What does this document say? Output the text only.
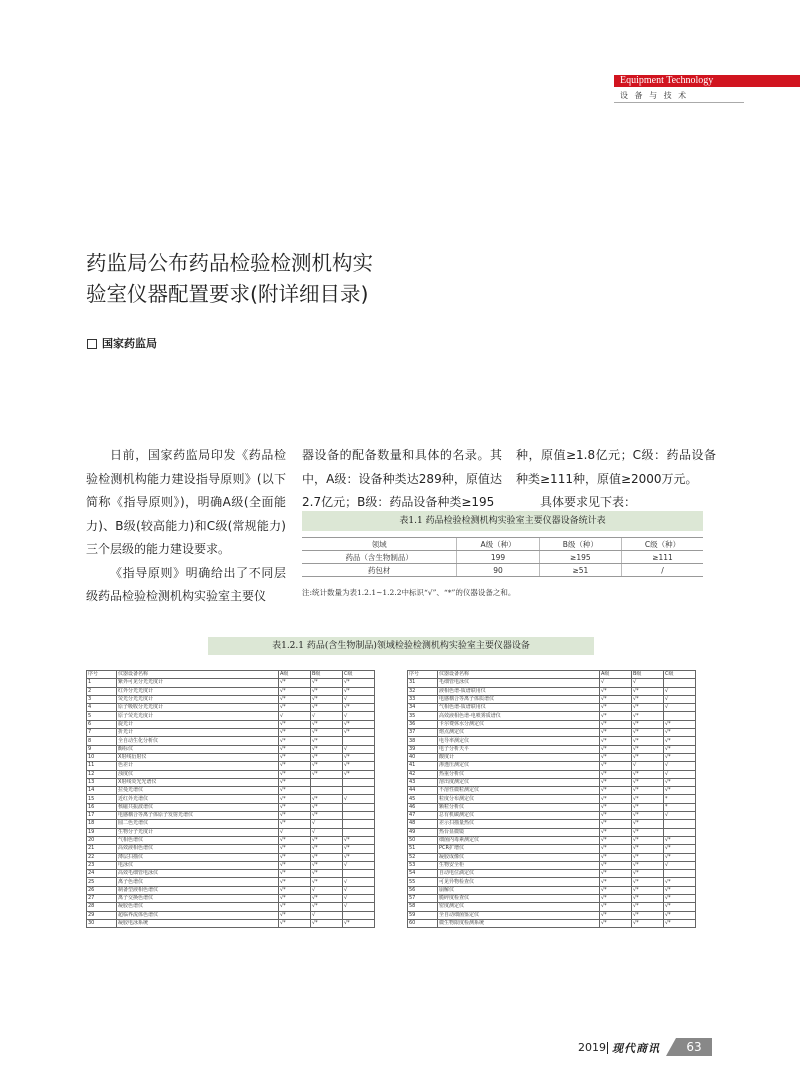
Equipment Technology
设 备 与 技 术
药监局公布药品检验检测机构实
验室仪器配置要求(附详细目录)
国家药监局

日前，国家药监局印发《药品检验检测机构能力建设指导原则》(以下简称《指导原则》)，明确A级(全面能力)、B级(较高能力)和C级(常规能力)三个层级的能力建设要求。

《指导原则》明确给出了不同层级药品检验检测机构实验室主要仪

器设备的配备数量和具体的名录。其中，A级：设备种类达289种，原值达2.7亿元；B级：药品设备种类≥195

种，原值≥1.8亿元；C级：药品设备种类≥111种，原值≥2000万元。

具体要求见下表：

表1.1 药品检验检测机构实验室主要仪器设备统计表
领域	A级（种）	B级（种）	C级（种）
药品（含生物制品）	199	≥195	≥111
药包材	90	≥51	/
注:统计数量为表1.2.1~1.2.2中标识“√”、“*”的仪器设备之和。
表1.2.1 药品(含生物制品)领域检验检测机构实验室主要仪器设备
序号	仪器设备名称	A级	B级	C级
1	紫外可见分光光度计	√*	√*	√*
2	红外分光光度计	√*	√*	√*
3	荧光分光光度计	√*	√*	√
4	原子吸收分光光度计	√*	√*	√*
5	原子荧光光度计	√	√	√
6	旋光计	√*	√*	√*
7	折光计	√*	√*	√*
8	全自动生化分析仪	√*	√*	
9	酶标仪	√*	√*	√
10	X射线衍射仪	√*	√*	√*
11	色差计	√*	√*	√*
12	浊度仪	√*	√*	√*
13	X射线荧光光谱仪	√*		
14	拉曼光谱仪	√*		
15	近红外光谱仪	√*	√*	√
16	核磁共振波谱仪	√*	√*	
17	电感耦合等离子体原子发射光谱仪	√*	√*	
18	圆二色光谱仪	√*	√	
19	生物分子光度计	√	√	
20	气相色谱仪	√*	√*	√*
21	高效液相色谱仪	√*	√*	√*
22	薄层扫描仪	√*	√*	√*
23	电泳仪	√*	√*	√
24	高效毛细管电泳仪	√*	√*	
25	离子色谱仪	√*	√*	√
26	制备型液相色谱仪	√*	√	√
27	离子交换色谱仪	√*	√*	√
28	凝胶色谱仪	√*	√*	√
29	超临界流体色谱仪	√*	√	
30	凝胶电泳系统	√*	√*	√*
序号	仪器设备名称	A级	B级	C级
31	毛细管电泳仪	√	√	
32	液相色谱-质谱联用仪	√*	√*	√
33	电感耦合等离子体质谱仪	√*	√*	√
34	气相色谱-质谱联用仪	√*	√*	√
35	高效液相色谱-电喷雾质谱仪	√*	√*	
36	卡尔费休水分测定仪	√*	√*	√*
37	熔点测定仪	√*	√*	√*
38	电导率测定仪	√*	√*	√*
39	电子分析天平	√*	√*	√*
40	酸度计	√*	√*	√*
41	渗透压测定仪	√*	√	√
42	热重分析仪	√*	√*	√
43	溶出度测定仪	√*	√*	√*
44	不溶性微粒测定仪	√*	√*	√*
45	粒度分布测定仪	√*	√*	*
46	颗粒分析仪	√*	√*	*
47	总有机碳测定仪	√*	√*	√
48	差示扫描量热仪	√*	√*	
49	热台显微镜	√*	√*	
50	细菌内毒素测定仪	√*	√*	√*
51	PCR扩增仪	√*	√*	√*
52	凝胶成像仪	√*	√*	√*
53	生物安全柜	√*	√*	√
54	自动电位滴定仪	√*	√*	
55	可见异物检查仪	√*	√*	√*
56	崩解仪	√*	√*	√*
57	脆碎度检查仪	√*	√*	√*
58	密度测定仪	√*	√*	√*
59	全自动细菌鉴定仪	√*	√*	√*
60	微生物限度检测系统	√*	√*	√*
2019 现代商讯	63
